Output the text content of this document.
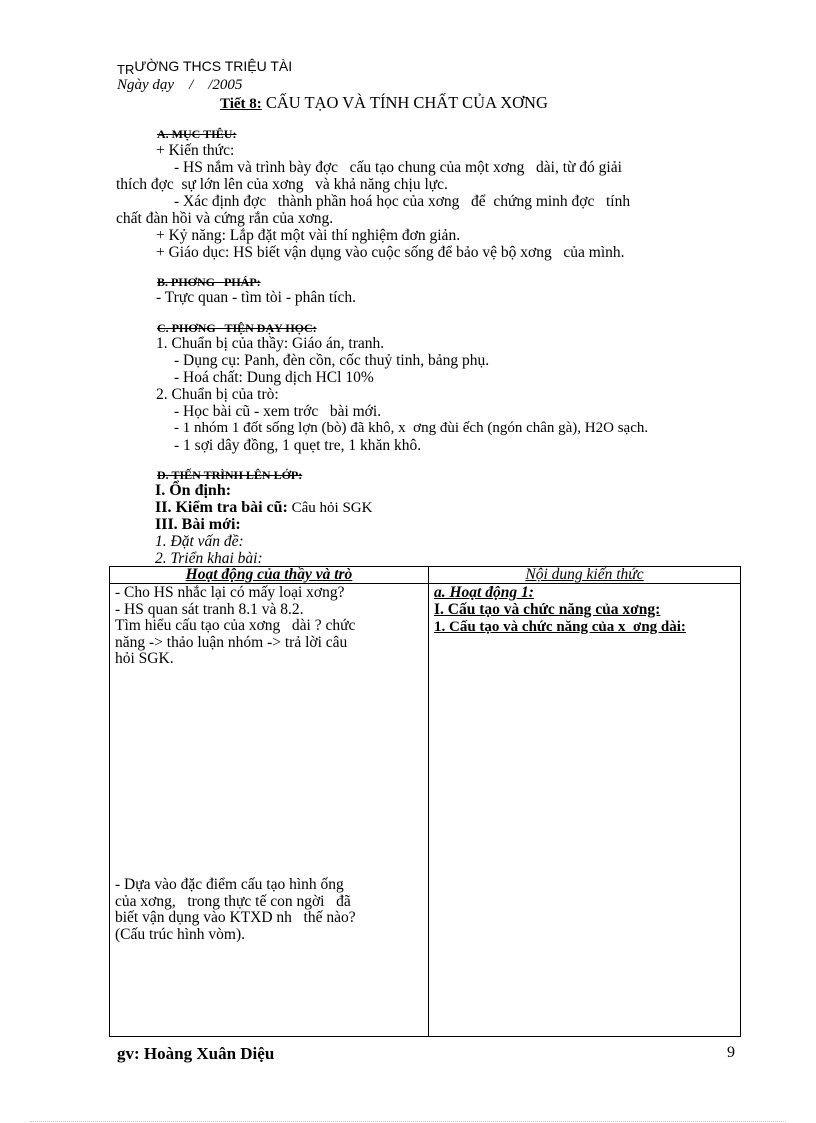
TRƯỜNG THCS TRIỆU TÀI
Ngày dạy    /    /2005
Tiết 8: CẤU TẠO VÀ TÍNH CHẤT CỦA XƠNG
A. MỤC TIÊU:
+ Kiến thức:
- HS nắm và trình bày đợc   cấu tạo chung của một xơng   dài, từ đó giải
thích đợc  sự lớn lên của xơng   và khả năng chịu lực.
- Xác định đợc   thành phần hoá học của xơng   để  chứng minh đợc   tính
chất đàn hồi và cứng rắn của xơng.
+ Kỷ năng: Lắp đặt một vài thí nghiệm đơn giản.
+ Giáo dục: HS biết vận dụng vào cuộc sống để bảo vệ bộ xơng   của mình.
B. PHƠNG   PHÁP:
- Trực quan - tìm tòi - phân tích.
C. PHƠNG   TIỆN DẠY HỌC:
1. Chuẩn bị của thầy: Giáo án, tranh.
- Dụng cụ: Panh, đèn cồn, cốc thuỷ tinh, bảng phụ.
- Hoá chất: Dung dịch HCl 10%
2. Chuẩn bị của trò:
- Học bài cũ - xem trớc   bài mới.
- 1 nhóm 1 đốt sống lợn (bò) đã khô, x  ơng đùi ếch (ngón chân gà), H2O sạch.
- 1 sợi dây đồng, 1 quẹt tre, 1 khăn khô.
D. TIẾN TRÌNH LÊN LỚP:
I. Ổn định:
II. Kiểm tra bài cũ: Câu hỏi SGK
III. Bài mới:
1. Đặt vấn đề:
2. Triển khai bài:
Hoạt động của thầy và trò	Nội dung kiến thức
- Cho HS nhắc lại có mấy loại xơng?
- HS quan sát tranh 8.1 và 8.2.
Tìm hiểu cấu tạo của xơng   dài ? chức
năng -> thảo luận nhóm -> trả lời câu
hỏi SGK.
- Dựa vào đặc điểm cấu tạo hình ống
của xơng,   trong thực tế con ngời   đã
biết vận dụng vào KTXD nh   thế nào?
(Cấu trúc hình vòm).
a. Hoạt động 1:
I. Cấu tạo và chức năng của xơng:
1. Cấu tạo và chức năng của x  ơng dài:
gv: Hoàng Xuân Diệu	9
